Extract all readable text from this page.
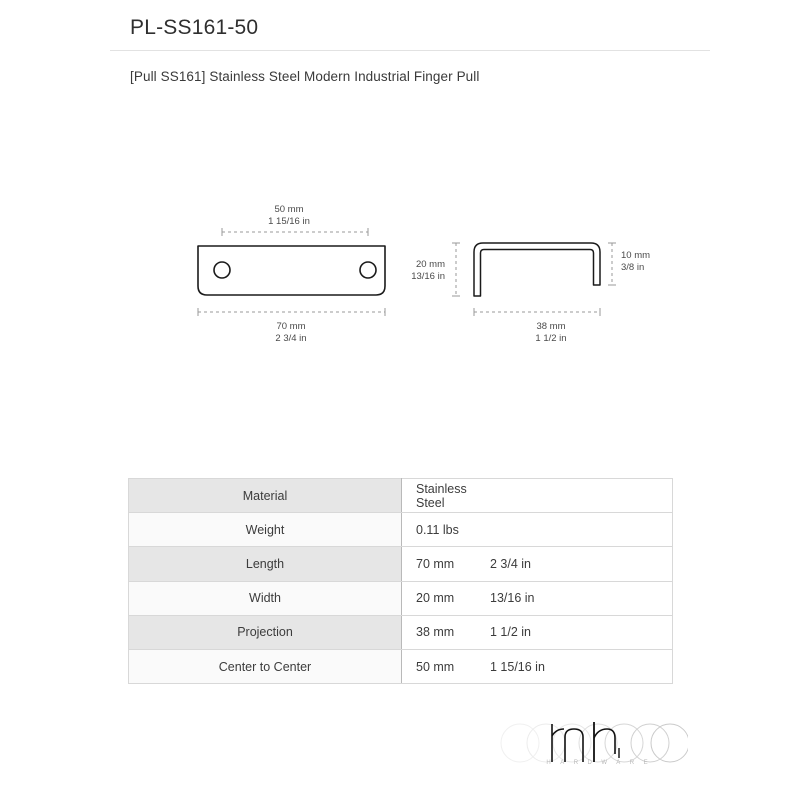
PL-SS161-50
[Pull SS161] Stainless Steel Modern Industrial Finger Pull
50 mm
1 15/16 in
70 mm
2 3/4 in
20 mm
13/16 in
10 mm
3/8 in
38 mm
1 1/2 in
Material	Stainless Steel
Weight	0.11 lbs
Length	70 mm 2 3/4 in
Width	20 mm 13/16 in
Projection	38 mm 1 1/2 in
Center to Center	50 mm 1 15/16 in
HARDWARE
